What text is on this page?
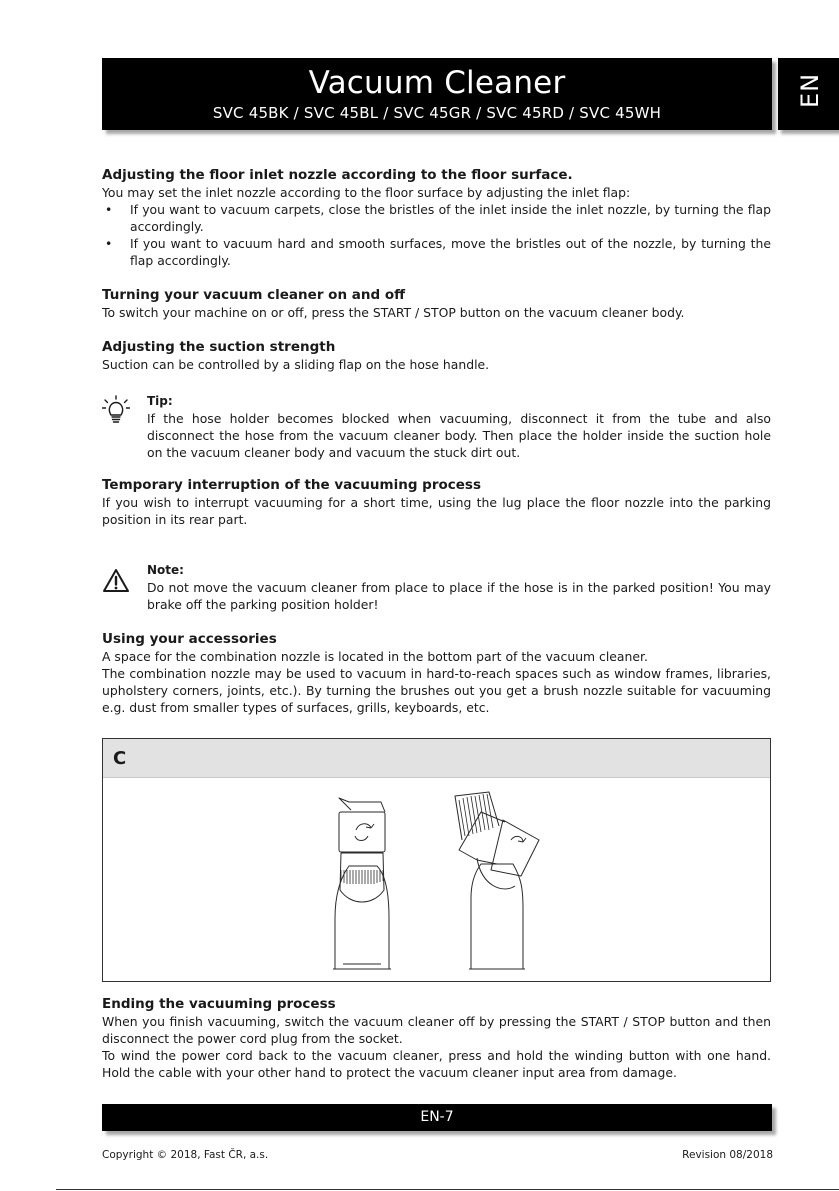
Vacuum Cleaner
SVC 45BK / SVC 45BL / SVC 45GR / SVC 45RD / SVC 45WH
EN
Adjusting the floor inlet nozzle according to the floor surface.

You may set the inlet nozzle according to the floor surface by adjusting the inlet flap:

• If you want to vacuum carpets, close the bristles of the inlet inside the inlet nozzle, by turning the flap accordingly.
• If you want to vacuum hard and smooth surfaces, move the bristles out of the nozzle, by turning the flap accordingly.
Turning your vacuum cleaner on and off

To switch your machine on or off, press the START / STOP button on the vacuum cleaner body.

Adjusting the suction strength

Suction can be controlled by a sliding flap on the hose handle.

Tip:

If the hose holder becomes blocked when vacuuming, disconnect it from the tube and also disconnect the hose from the vacuum cleaner body. Then place the holder inside the suction hole on the vacuum cleaner body and vacuum the stuck dirt out.

Temporary interruption of the vacuuming process

If you wish to interrupt vacuuming for a short time, using the lug place the floor nozzle into the parking position in its rear part.

Note:

Do not move the vacuum cleaner from place to place if the hose is in the parked position! You may brake off the parking position holder!

Using your accessories

A space for the combination nozzle is located in the bottom part of the vacuum cleaner.

The combination nozzle may be used to vacuum in hard-to-reach spaces such as window frames, libraries, upholstery corners, joints, etc.). By turning the brushes out you get a brush nozzle suitable for vacuuming e.g. dust from smaller types of surfaces, grills, keyboards, etc.

C
Ending the vacuuming process

When you finish vacuuming, switch the vacuum cleaner off by pressing the START / STOP button and then disconnect the power cord plug from the socket.

To wind the power cord back to the vacuum cleaner, press and hold the winding button with one hand. Hold the cable with your other hand to protect the vacuum cleaner input area from damage.

EN-7
Copyright © 2018, Fast ČR, a.s.	Revision 08/2018
